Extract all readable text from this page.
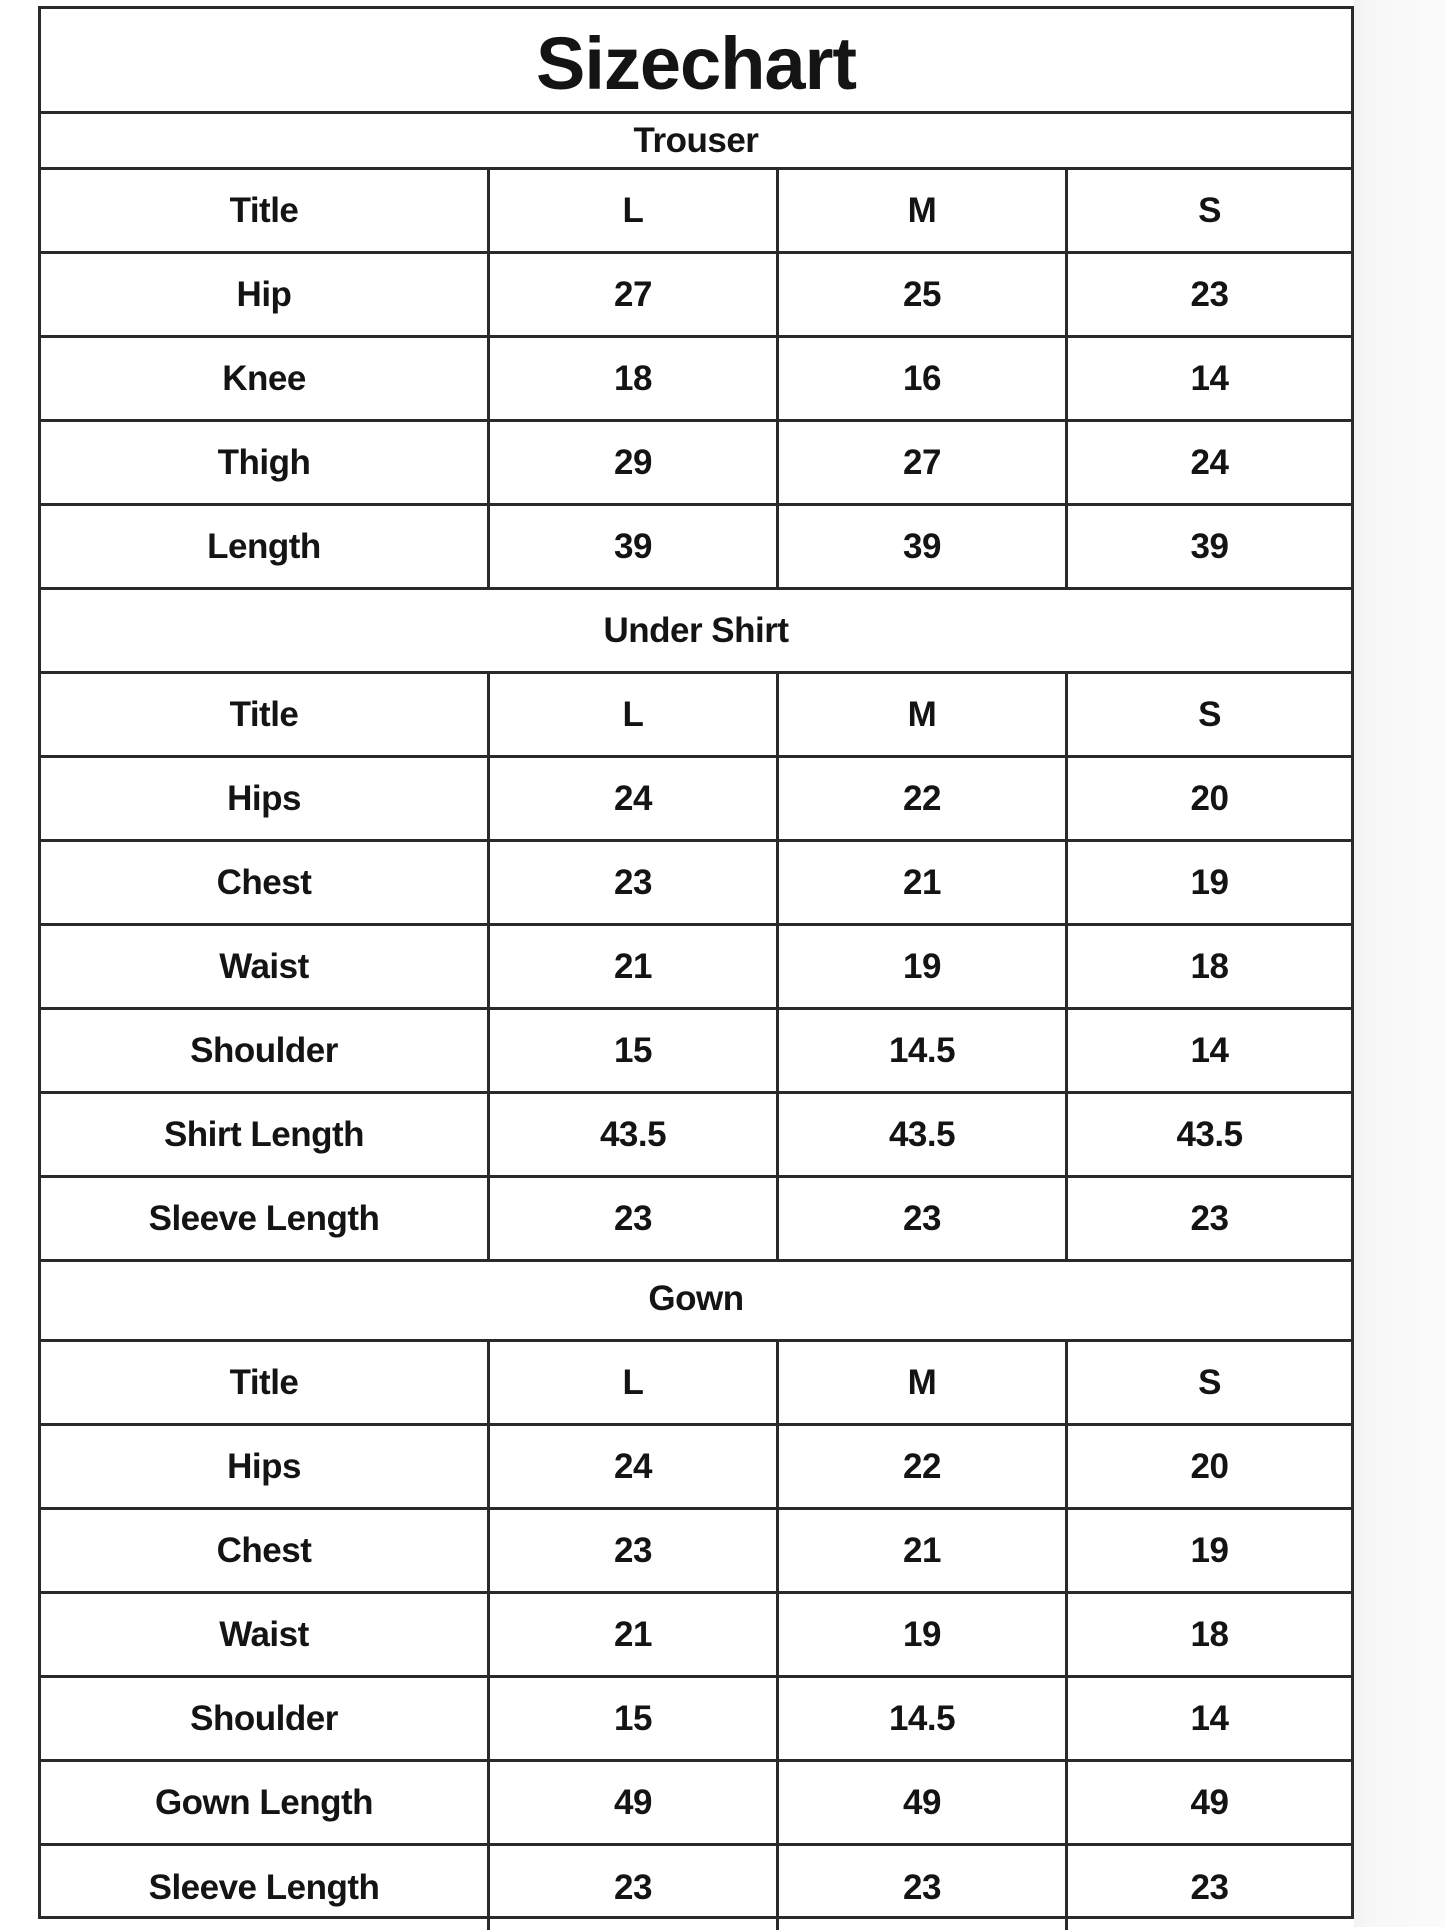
Sizechart
Trouser
Title	L	M	S
Hip	27	25	23
Knee	18	16	14
Thigh	29	27	24
Length	39	39	39
Under Shirt
Title	L	M	S
Hips	24	22	20
Chest	23	21	19
Waist	21	19	18
Shoulder	15	14.5	14
Shirt Length	43.5	43.5	43.5
Sleeve Length	23	23	23
Gown
Title	L	M	S
Hips	24	22	20
Chest	23	21	19
Waist	21	19	18
Shoulder	15	14.5	14
Gown Length	49	49	49
Sleeve Length	23	23	23
